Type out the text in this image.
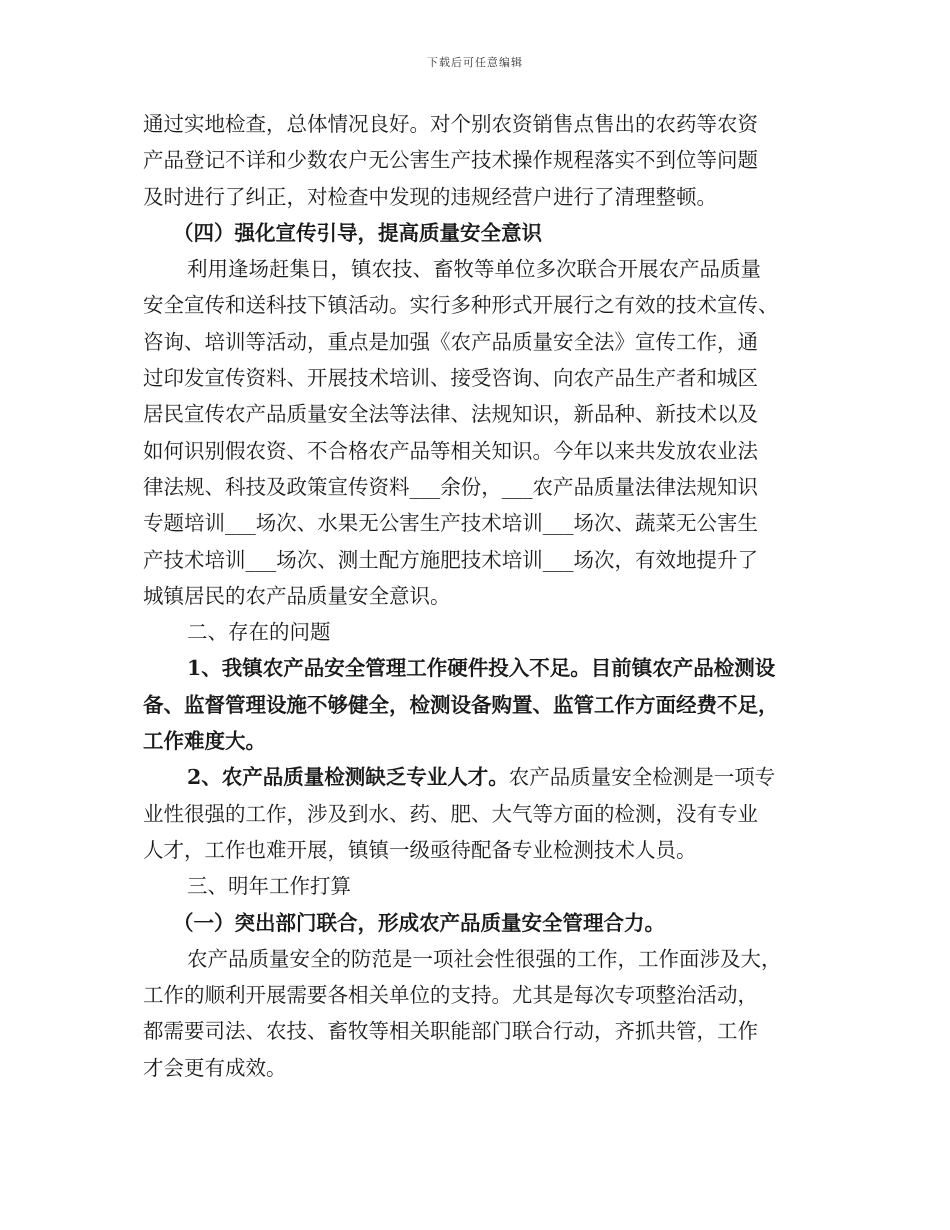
下载后可任意编辑
通过实地检查，总体情况良好。对个别农资销售点售出的农药等农资
产品登记不详和少数农户无公害生产技术操作规程落实不到位等问题
及时进行了纠正，对检查中发现的违规经营户进行了清理整顿。
（四）强化宣传引导，提高质量安全意识
利用逢场赶集日，镇农技、畜牧等单位多次联合开展农产品质量
安全宣传和送科技下镇活动。实行多种形式开展行之有效的技术宣传、
咨询、培训等活动，重点是加强《农产品质量安全法》宣传工作，通
过印发宣传资料、开展技术培训、接受咨询、向农产品生产者和城区
居民宣传农产品质量安全法等法律、法规知识，新品种、新技术以及
如何识别假农资、不合格农产品等相关知识。今年以来共发放农业法
律法规、科技及政策宣传资料___余份，___农产品质量法律法规知识
专题培训___场次、水果无公害生产技术培训___场次、蔬菜无公害生
产技术培训___场次、测土配方施肥技术培训___场次，有效地提升了
城镇居民的农产品质量安全意识。
二、存在的问题
1、我镇农产品安全管理工作硬件投入不足。目前镇农产品检测设
备、监督管理设施不够健全，检测设备购置、监管工作方面经费不足，
工作难度大。
2、农产品质量检测缺乏专业人才。农产品质量安全检测是一项专
业性很强的工作，涉及到水、药、肥、大气等方面的检测，没有专业
人才，工作也难开展，镇镇一级亟待配备专业检测技术人员。
三、明年工作打算
（一）突出部门联合，形成农产品质量安全管理合力。
农产品质量安全的防范是一项社会性很强的工作，工作面涉及大，
工作的顺利开展需要各相关单位的支持。尤其是每次专项整治活动，
都需要司法、农技、畜牧等相关职能部门联合行动，齐抓共管，工作
才会更有成效。
